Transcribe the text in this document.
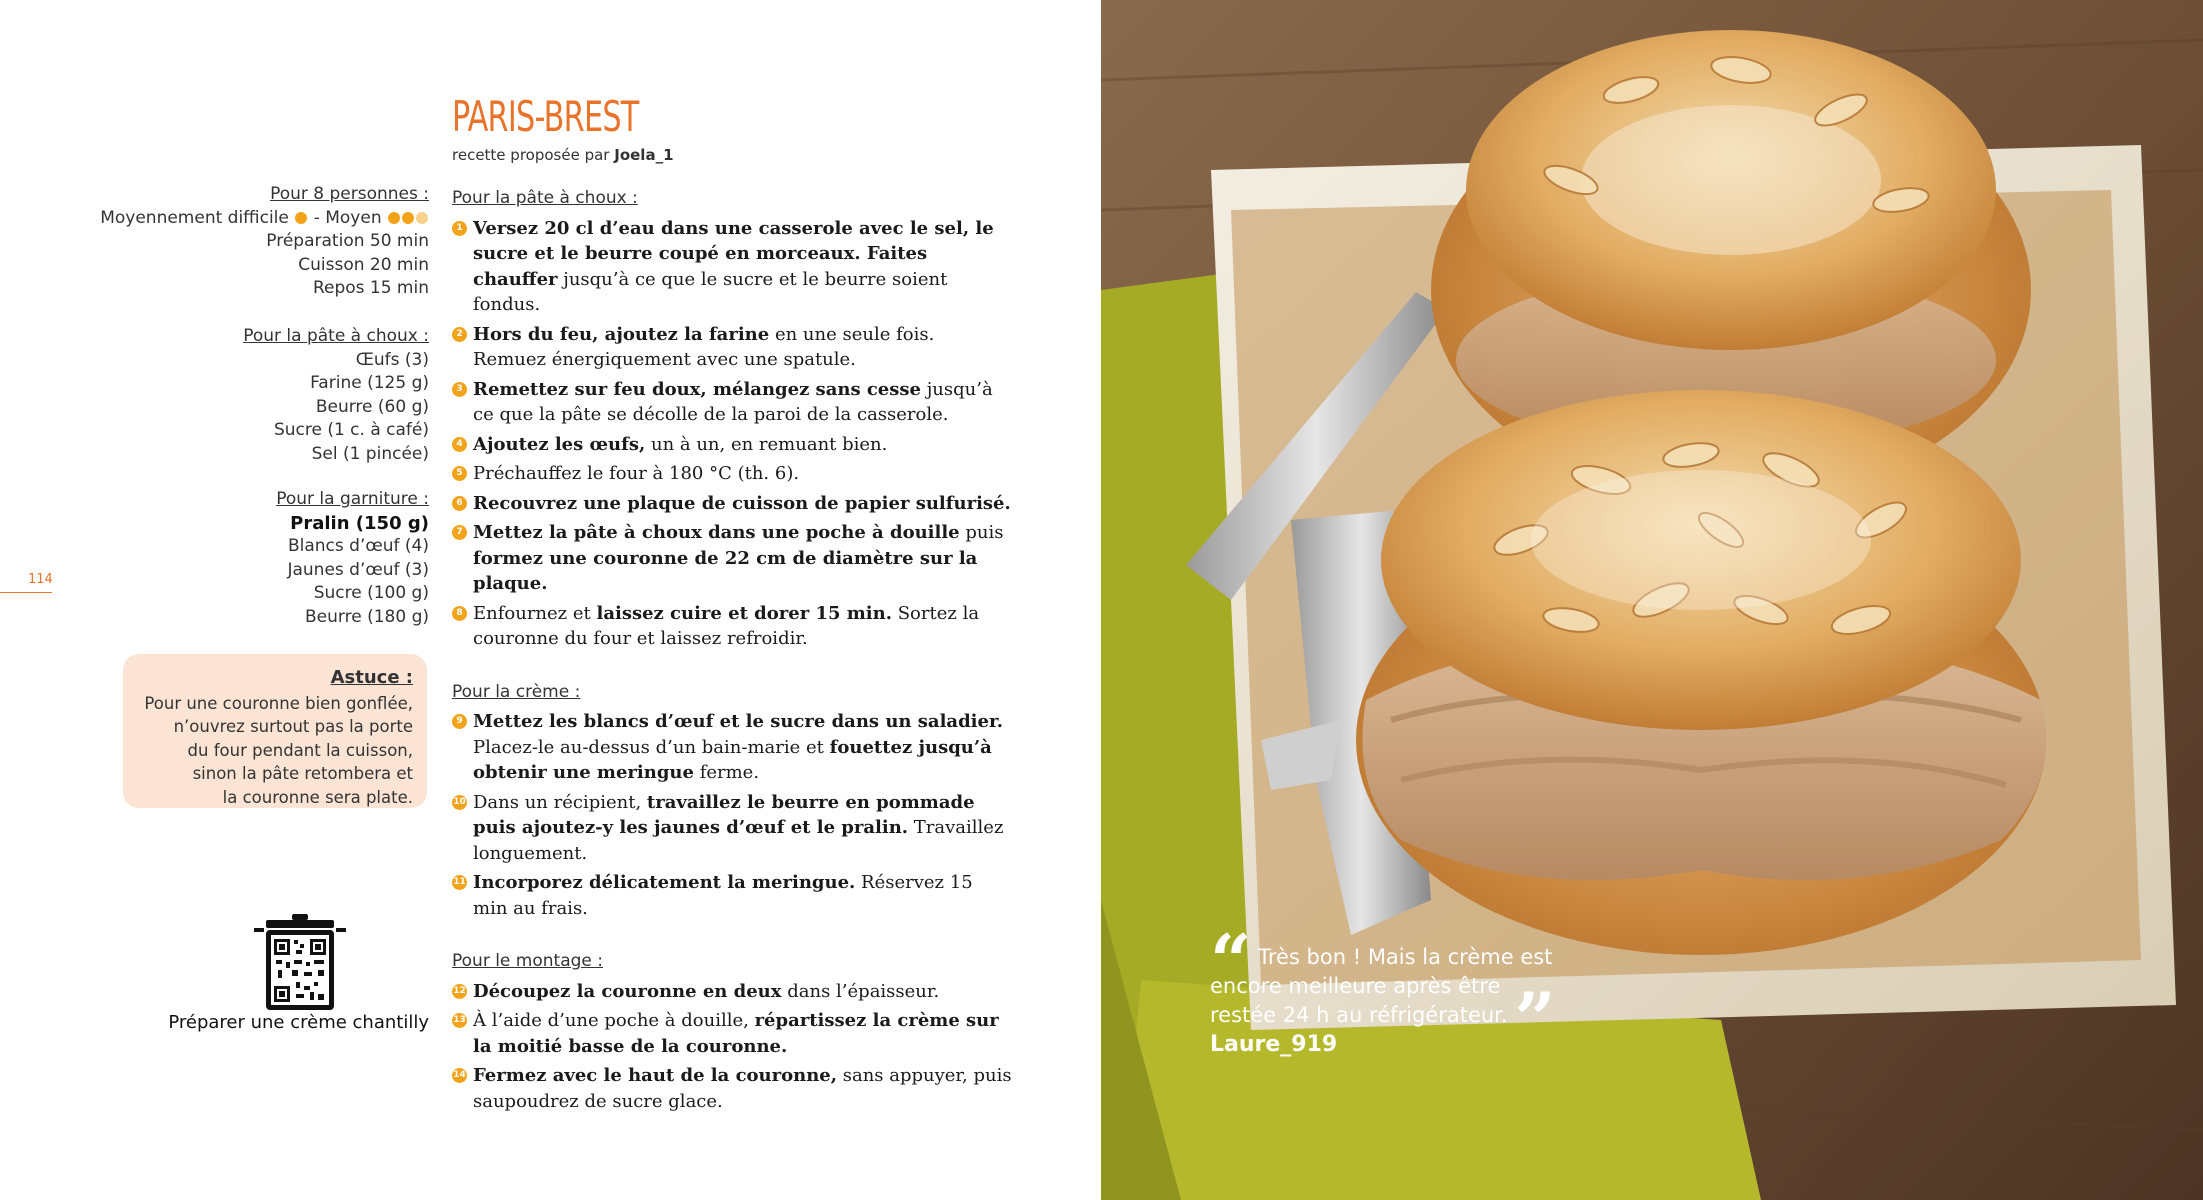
PARIS-BREST
recette proposée par Joela_1
Pour 8 personnes :
Moyennement difficile - Moyen
Préparation 50 min
Cuisson 20 min
Repos 15 min
Pour la pâte à choux :
Œufs (3)
Farine (125 g)
Beurre (60 g)
Sucre (1 c. à café)
Sel (1 pincée)
Pour la garniture :
Pralin (150 g)
Blancs d’œuf (4)
Jaunes d’œuf (3)
Sucre (100 g)
Beurre (180 g)
114
Astuce :
Pour une couronne bien gonflée,
n’ouvrez surtout pas la porte
du four pendant la cuisson,
sinon la pâte retombera et
la couronne sera plate.
Préparer une crème chantilly
Pour la pâte à choux :
1 Versez 20 cl d’eau dans une casserole avec le sel, le sucre et le beurre coupé en morceaux. Faites chauffer jusqu’à ce que le sucre et le beurre soient fondus.
2 Hors du feu, ajoutez la farine en une seule fois. Remuez énergiquement avec une spatule.
3 Remettez sur feu doux, mélangez sans cesse jusqu’à ce que la pâte se décolle de la paroi de la casserole.
4 Ajoutez les œufs, un à un, en remuant bien.
5 Préchauffez le four à 180 °C (th. 6).
6 Recouvrez une plaque de cuisson de papier sulfurisé.
7 Mettez la pâte à choux dans une poche à douille puis formez une couronne de 22 cm de diamètre sur la plaque.
8 Enfournez et laissez cuire et dorer 15 min. Sortez la couronne du four et laissez refroidir.
Pour la crème :
9 Mettez les blancs d’œuf et le sucre dans un saladier. Placez-le au-dessus d’un bain-marie et fouettez jusqu’à obtenir une meringue ferme.
10 Dans un récipient, travaillez le beurre en pommade puis ajoutez-y les jaunes d’œuf et le pralin. Travaillez longuement.
11 Incorporez délicatement la meringue. Réservez 15 min au frais.
Pour le montage :
12 Découpez la couronne en deux dans l’épaisseur.
13 À l’aide d’une poche à douille, répartissez la crème sur la moitié basse de la couronne.
14 Fermez avec le haut de la couronne, sans appuyer, puis saupoudrez de sucre glace.
“ Très bon ! Mais la crème est encore meilleure après être restée 24 h au réfrigérateur. ”
Laure_919
